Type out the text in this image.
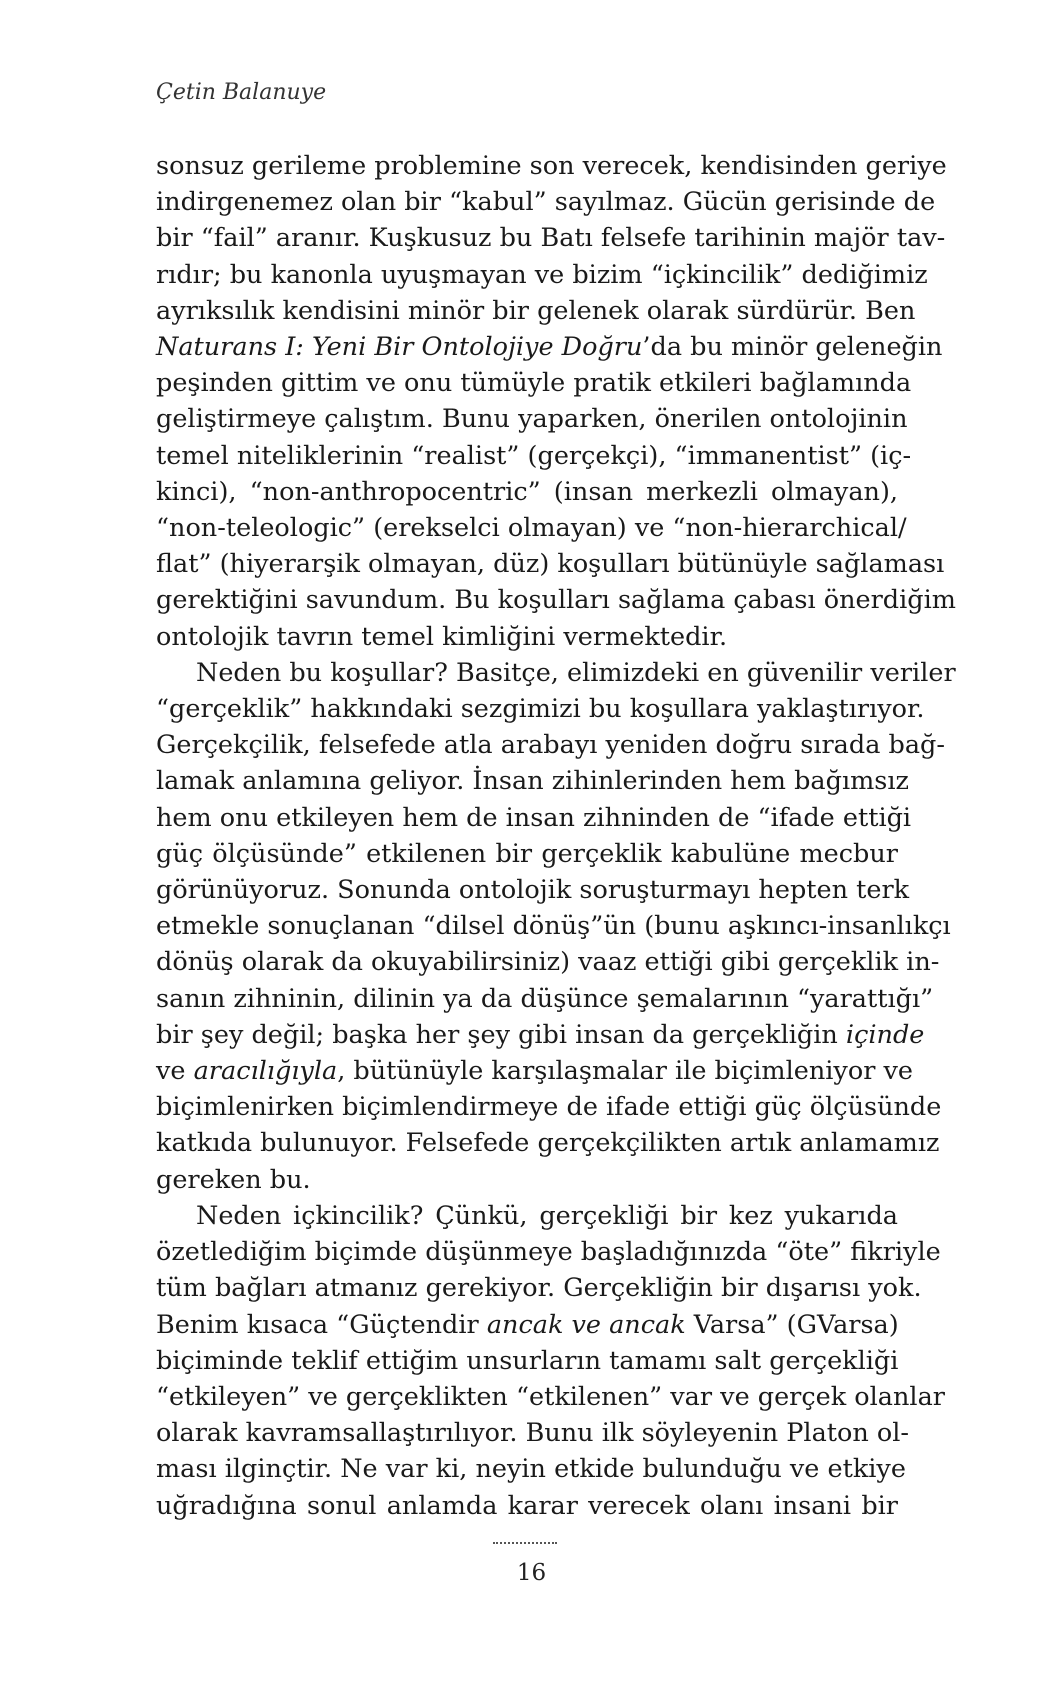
Çetin Balanuye
sonsuz gerileme problemine son verecek, kendisinden geriye
indirgenemez olan bir “kabul” sayılmaz. Gücün gerisinde de
bir “fail” aranır. Kuşkusuz bu Batı felsefe tarihinin majör tav-
rıdır; bu kanonla uyuşmayan ve bizim “içkincilik” dediğimiz
ayrıksılık kendisini minör bir gelenek olarak sürdürür. Ben
Naturans I: Yeni Bir Ontolojiye Doğru’da bu minör geleneğin
peşinden gittim ve onu tümüyle pratik etkileri bağlamında
geliştirmeye çalıştım. Bunu yaparken, önerilen ontolojinin
temel niteliklerinin “realist” (gerçekçi), “immanentist” (iç-
kinci), “non-anthropocentric” (insan merkezli olmayan),
“non-teleologic” (erekselci olmayan) ve “non-hierarchical/
flat” (hiyerarşik olmayan, düz) koşulları bütünüyle sağlaması
gerektiğini savundum. Bu koşulları sağlama çabası önerdiğim
ontolojik tavrın temel kimliğini vermektedir.
Neden bu koşullar? Basitçe, elimizdeki en güvenilir veriler
“gerçeklik” hakkındaki sezgimizi bu koşullara yaklaştırıyor.
Gerçekçilik, felsefede atla arabayı yeniden doğru sırada bağ-
lamak anlamına geliyor. İnsan zihinlerinden hem bağımsız
hem onu etkileyen hem de insan zihninden de “ifade ettiği
güç ölçüsünde” etkilenen bir gerçeklik kabulüne mecbur
görünüyoruz. Sonunda ontolojik soruşturmayı hepten terk
etmekle sonuçlanan “dilsel dönüş”ün (bunu aşkıncı-insanlıkçı
dönüş olarak da okuyabilirsiniz) vaaz ettiği gibi gerçeklik in-
sanın zihninin, dilinin ya da düşünce şemalarının “yarattığı”
bir şey değil; başka her şey gibi insan da gerçekliğin içinde
ve aracılığıyla, bütünüyle karşılaşmalar ile biçimleniyor ve
biçimlenirken biçimlendirmeye de ifade ettiği güç ölçüsünde
katkıda bulunuyor. Felsefede gerçekçilikten artık anlamamız
gereken bu.
Neden içkincilik? Çünkü, gerçekliği bir kez yukarıda
özetlediğim biçimde düşünmeye başladığınızda “öte” fikriyle
tüm bağları atmanız gerekiyor. Gerçekliğin bir dışarısı yok.
Benim kısaca “Güçtendir ancak ve ancak Varsa” (GVarsa)
biçiminde teklif ettiğim unsurların tamamı salt gerçekliği
“etkileyen” ve gerçeklikten “etkilenen” var ve gerçek olanlar
olarak kavramsallaştırılıyor. Bunu ilk söyleyenin Platon ol-
ması ilginçtir. Ne var ki, neyin etkide bulunduğu ve etkiye
uğradığına sonul anlamda karar verecek olanı insani bir
16
